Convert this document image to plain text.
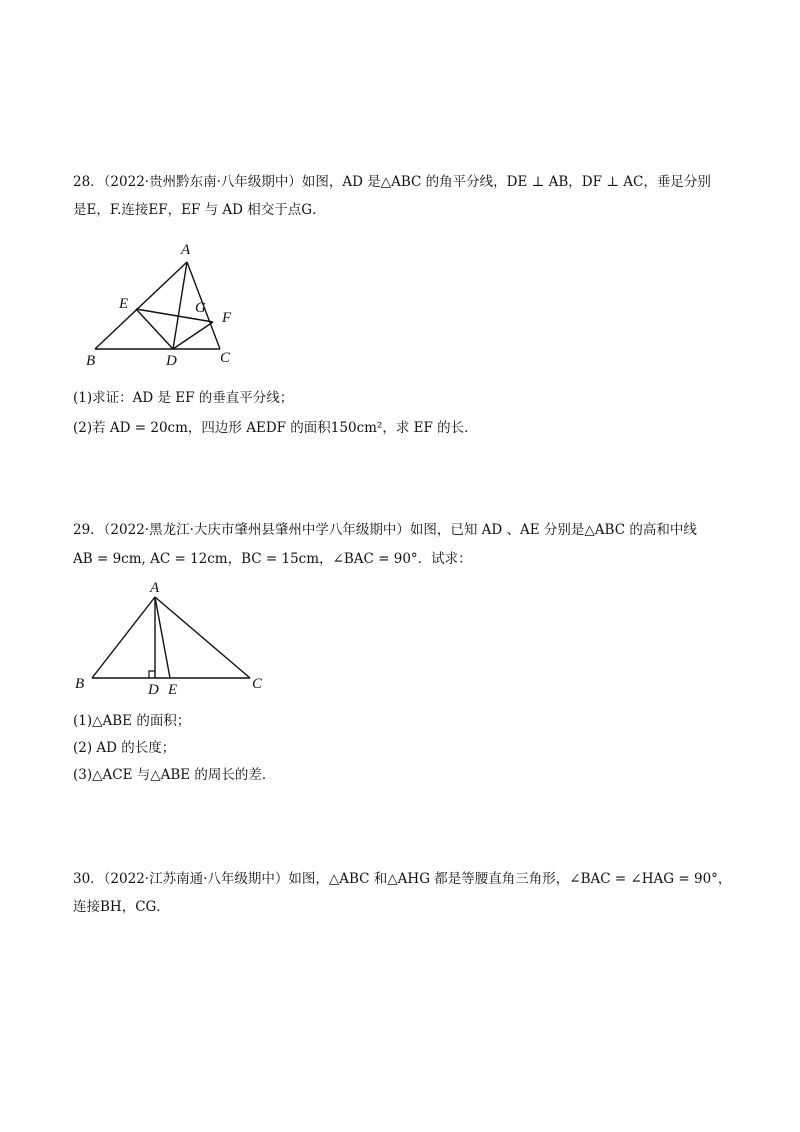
28．（2022·贵州黔东南·八年级期中）如图，AD 是△ABC 的角平分线，DE ⊥ AB，DF ⊥ AC，垂足分别
是E，F.连接EF，EF 与 AD 相交于点G．
A
E	G
F
B	D	C
(1)求证：AD 是 EF 的垂直平分线；
(2)若 AD = 20cm，四边形 AEDF 的面积150cm²，求 EF 的长．
29．（2022·黑龙江·大庆市肇州县肇州中学八年级期中）如图，已知 AD 、AE 分别是△ABC 的高和中线
AB = 9cm, AC = 12cm，BC = 15cm，∠BAC = 90°．试求：
A
B	D E	C
(1)△ABE 的面积；
(2) AD 的长度；
(3)△ACE 与△ABE 的周长的差．
30．（2022·江苏南通·八年级期中）如图，△ABC 和△AHG 都是等腰直角三角形，∠BAC = ∠HAG = 90°，
连接BH，CG．
